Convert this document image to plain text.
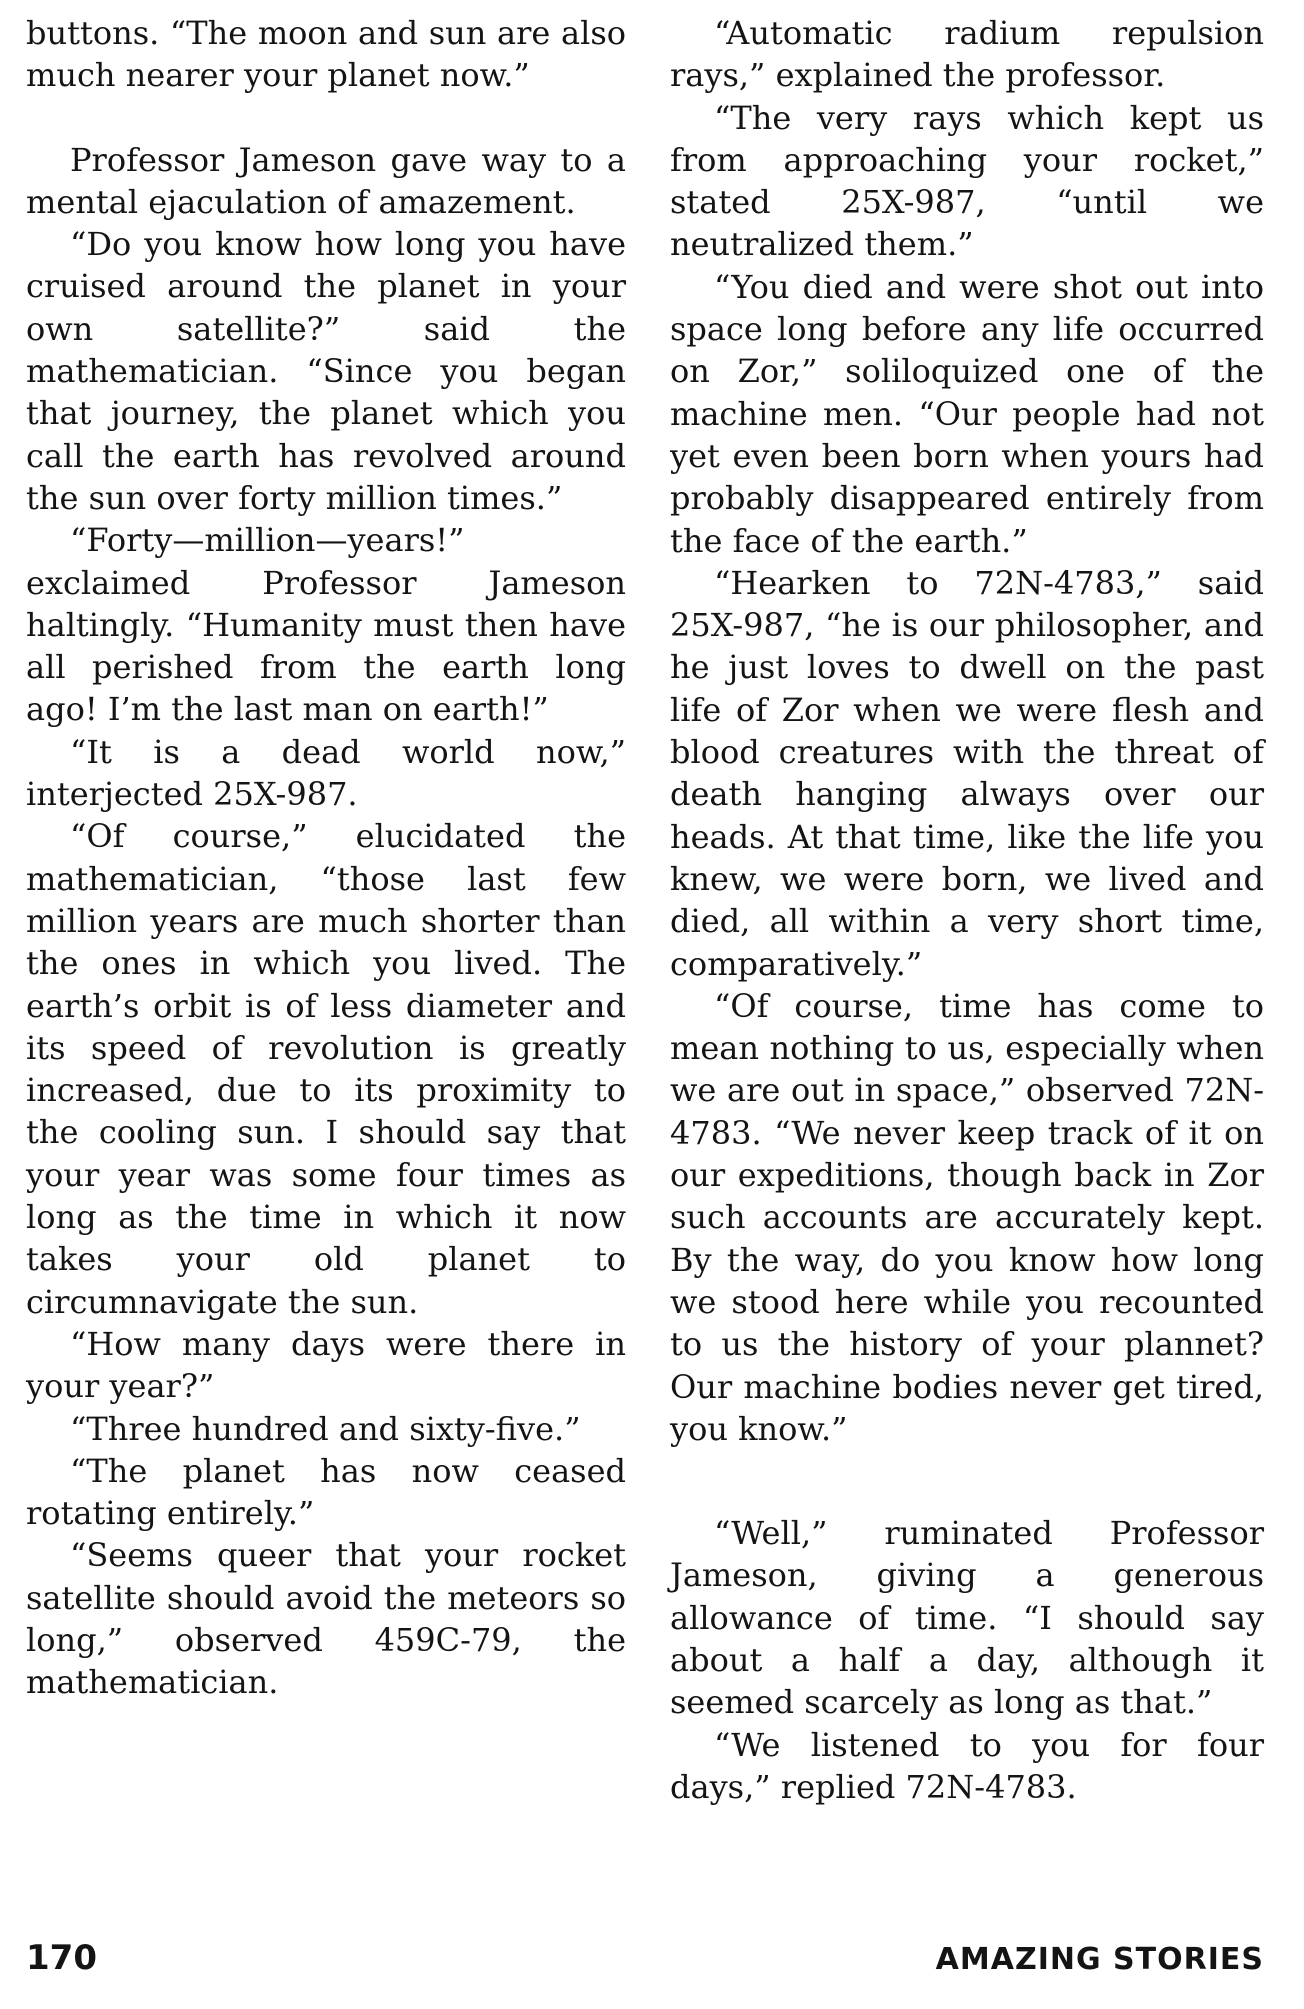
buttons. “The moon and sun are also much nearer your planet now.”

Professor Jameson gave way to a mental ejaculation of amazement.

“Do you know how long you have cruised around the planet in your own satellite?” said the mathematician. “Since you began that journey, the planet which you call the earth has revolved around the sun over forty million times.”

“Forty—million—years!” exclaimed Professor Jameson haltingly. “Humanity must then have all perished from the earth long ago! I’m the last man on earth!”

“It is a dead world now,” interjected 25X-987.

“Of course,” elucidated the mathematician, “those last few million years are much shorter than the ones in which you lived. The earth’s orbit is of less diameter and its speed of revolution is greatly increased, due to its proximity to the cooling sun. I should say that your year was some four times as long as the time in which it now takes your old planet to circumnavigate the sun.

“How many days were there in your year?”

“Three hundred and sixty-five.”

“The planet has now ceased rotating entirely.”

“Seems queer that your rocket satellite should avoid the meteors so long,” observed 459C-79, the mathematician.

“Automatic radium repulsion rays,” explained the professor.

“The very rays which kept us from approaching your rocket,” stated 25X-987, “until we neutralized them.”

“You died and were shot out into space long before any life occurred on Zor,” soliloquized one of the machine men. “Our people had not yet even been born when yours had probably disappeared entirely from the face of the earth.”

“Hearken to 72N-4783,” said 25X-987, “he is our philosopher, and he just loves to dwell on the past life of Zor when we were flesh and blood creatures with the threat of death hanging always over our heads. At that time, like the life you knew, we were born, we lived and died, all within a very short time, comparatively.”

“Of course, time has come to mean nothing to us, especially when we are out in space,” observed 72N-4783. “We never keep track of it on our expeditions, though back in Zor such accounts are accurately kept. By the way, do you know how long we stood here while you recounted to us the history of your plannet? Our machine bodies never get tired, you know.”

“Well,” ruminated Professor Jameson, giving a generous allowance of time. “I should say about a half a day, although it seemed scarcely as long as that.”

“We listened to you for four days,” replied 72N-4783.

170	AMAZING STORIES
